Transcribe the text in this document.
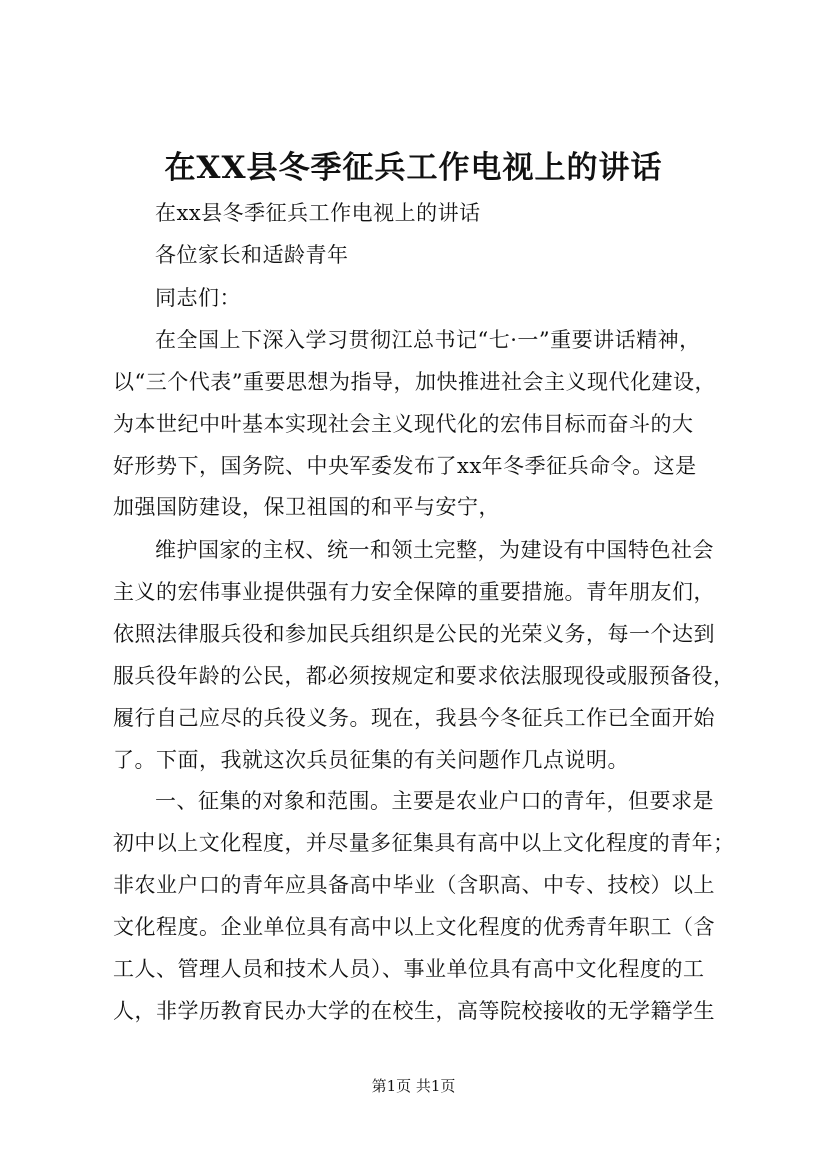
在XX县冬季征兵工作电视上的讲话
在xx县冬季征兵工作电视上的讲话
各位家长和适龄青年
同志们：
在全国上下深入学习贯彻江总书记“七·一”重要讲话精神，
以“三个代表”重要思想为指导，加快推进社会主义现代化建设，
为本世纪中叶基本实现社会主义现代化的宏伟目标而奋斗的大
好形势下，国务院、中央军委发布了xx年冬季征兵命令。这是
加强国防建设，保卫祖国的和平与安宁，
维护国家的主权、统一和领土完整，为建设有中国特色社会
主义的宏伟事业提供强有力安全保障的重要措施。青年朋友们，
依照法律服兵役和参加民兵组织是公民的光荣义务，每一个达到
服兵役年龄的公民，都必须按规定和要求依法服现役或服预备役，
履行自己应尽的兵役义务。现在，我县今冬征兵工作已全面开始
了。下面，我就这次兵员征集的有关问题作几点说明。
一、征集的对象和范围。主要是农业户口的青年，但要求是
初中以上文化程度，并尽量多征集具有高中以上文化程度的青年；
非农业户口的青年应具备高中毕业（含职高、中专、技校）以上
文化程度。企业单位具有高中以上文化程度的优秀青年职工（含
工人、管理人员和技术人员）、事业单位具有高中文化程度的工
人，非学历教育民办大学的在校生，高等院校接收的无学籍学生
第1页 共1页
